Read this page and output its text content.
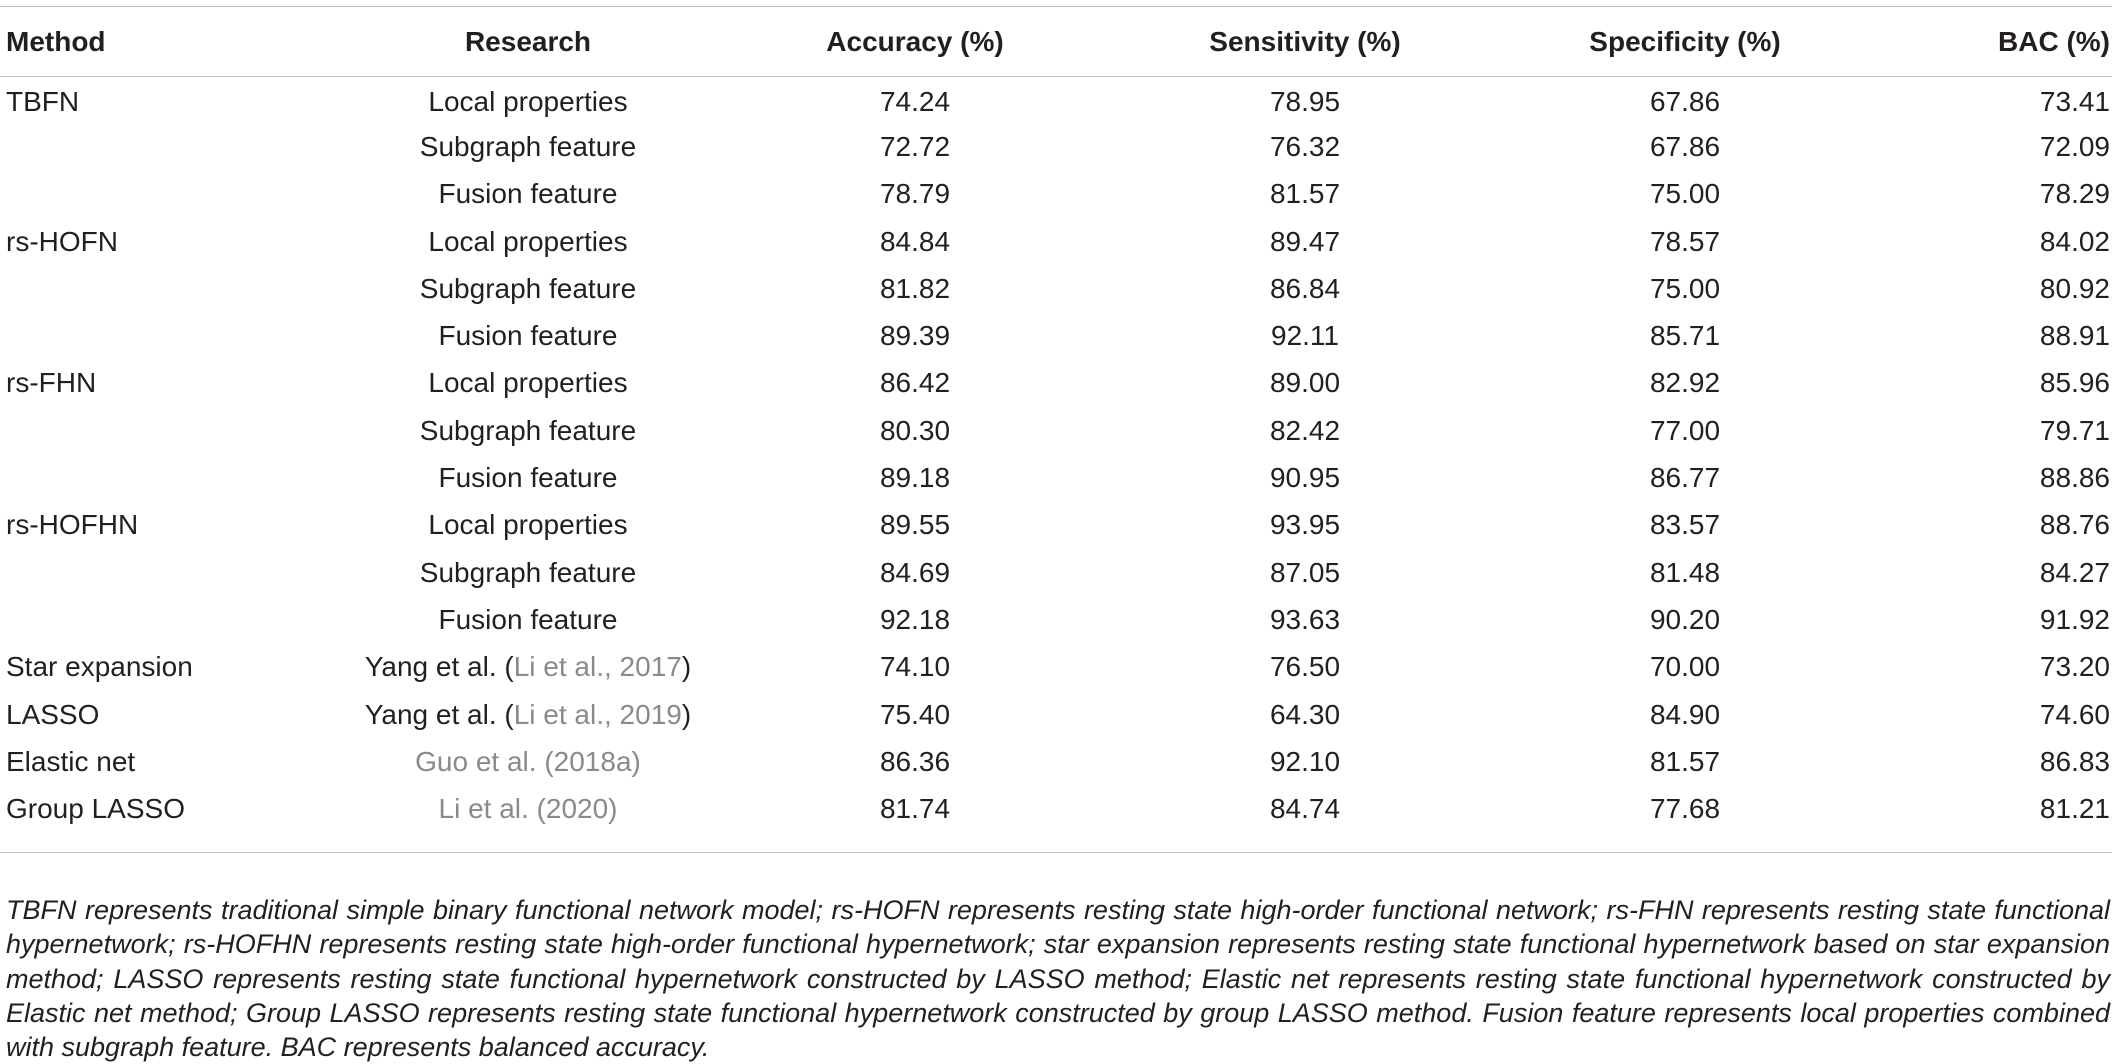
Method	Research	Accuracy (%)	Sensitivity (%)	Specificity (%)	BAC (%)
TBFN	Local properties	74.24	78.95	67.86	73.41
	Subgraph feature	72.72	76.32	67.86	72.09
	Fusion feature	78.79	81.57	75.00	78.29
rs-HOFN	Local properties	84.84	89.47	78.57	84.02
	Subgraph feature	81.82	86.84	75.00	80.92
	Fusion feature	89.39	92.11	85.71	88.91
rs-FHN	Local properties	86.42	89.00	82.92	85.96
	Subgraph feature	80.30	82.42	77.00	79.71
	Fusion feature	89.18	90.95	86.77	88.86
rs-HOFHN	Local properties	89.55	93.95	83.57	88.76
	Subgraph feature	84.69	87.05	81.48	84.27
	Fusion feature	92.18	93.63	90.20	91.92
Star expansion	Yang et al. (Li et al., 2017)	74.10	76.50	70.00	73.20
LASSO	Yang et al. (Li et al., 2019)	75.40	64.30	84.90	74.60
Elastic net	Guo et al. (2018a)	86.36	92.10	81.57	86.83
Group LASSO	Li et al. (2020)	81.74	84.74	77.68	81.21

TBFN represents traditional simple binary functional network model; rs-HOFN represents resting state high-order functional network; rs-FHN represents resting state functional hypernetwork; rs-HOFHN represents resting state high-order functional hypernetwork; star expansion represents resting state functional hypernetwork based on star expansion method; LASSO represents resting state functional hypernetwork constructed by LASSO method; Elastic net represents resting state functional hypernetwork constructed by Elastic net method; Group LASSO represents resting state functional hypernetwork constructed by group LASSO method. Fusion feature represents local properties combined with subgraph feature. BAC represents balanced accuracy.
